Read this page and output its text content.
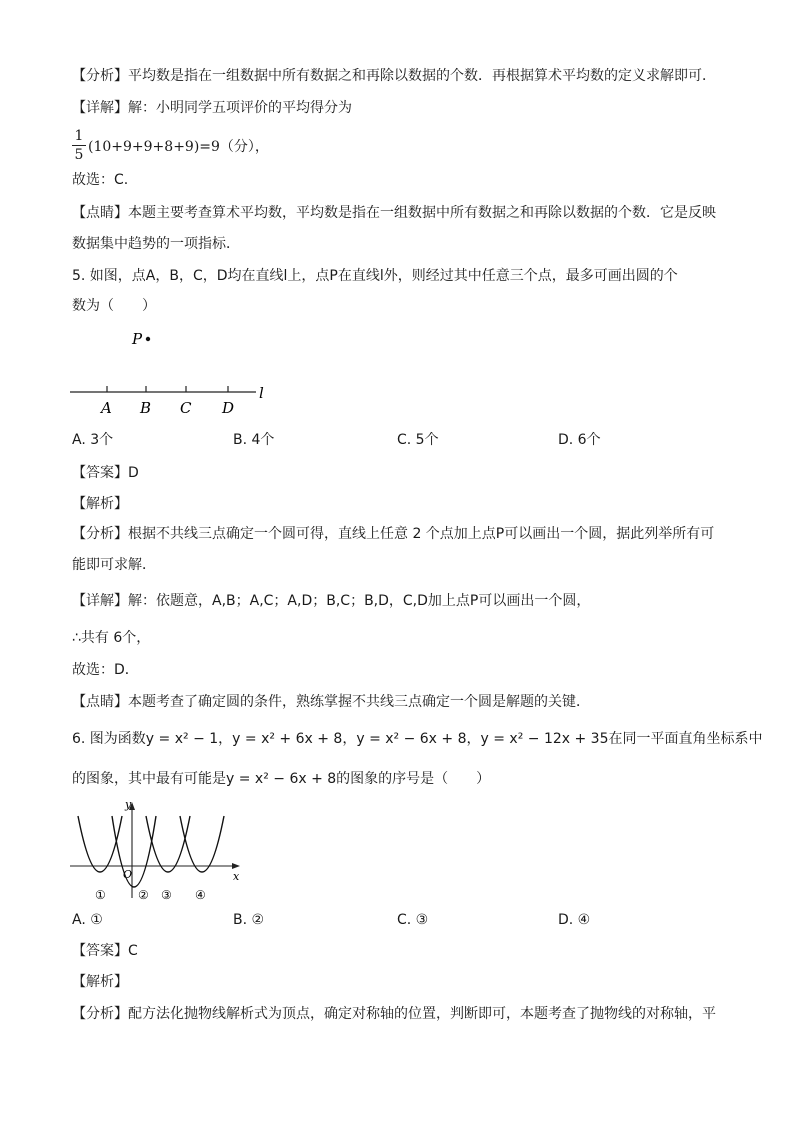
【分析】平均数是指在一组数据中所有数据之和再除以数据的个数．再根据算术平均数的定义求解即可．
【详解】解：小明同学五项评价的平均得分为
1
5 (10+9+9+8+9)=9（分），
故选：C.
【点睛】本题主要考查算术平均数，平均数是指在一组数据中所有数据之和再除以数据的个数．它是反映
数据集中趋势的一项指标．
5. 如图，点A，B，C，D均在直线l上，点P在直线l外，则经过其中任意三个点，最多可画出圆的个
数为（　　）
P
l
A B C D
A. 3个	B. 4个	C. 5个	D. 6个
【答案】D
【解析】
【分析】根据不共线三点确定一个圆可得，直线上任意 2 个点加上点P可以画出一个圆，据此列举所有可
能即可求解．
【详解】解：依题意，A,B；A,C；A,D；B,C；B,D，C,D加上点P可以画出一个圆，
∴共有 6个，
故选：D．
【点睛】本题考查了确定圆的条件，熟练掌握不共线三点确定一个圆是解题的关键．
6. 图为函数y = x² − 1，y = x² + 6x + 8，y = x² − 6x + 8，y = x² − 12x + 35在同一平面直角坐标系中
的图象，其中最有可能是y = x² − 6x + 8的图象的序号是（　　）
y
x
O
①	② ③ ④
A. ①	B. ②	C. ③	D. ④
【答案】C
【解析】
【分析】配方法化抛物线解析式为顶点，确定对称轴的位置，判断即可，本题考查了抛物线的对称轴，平
